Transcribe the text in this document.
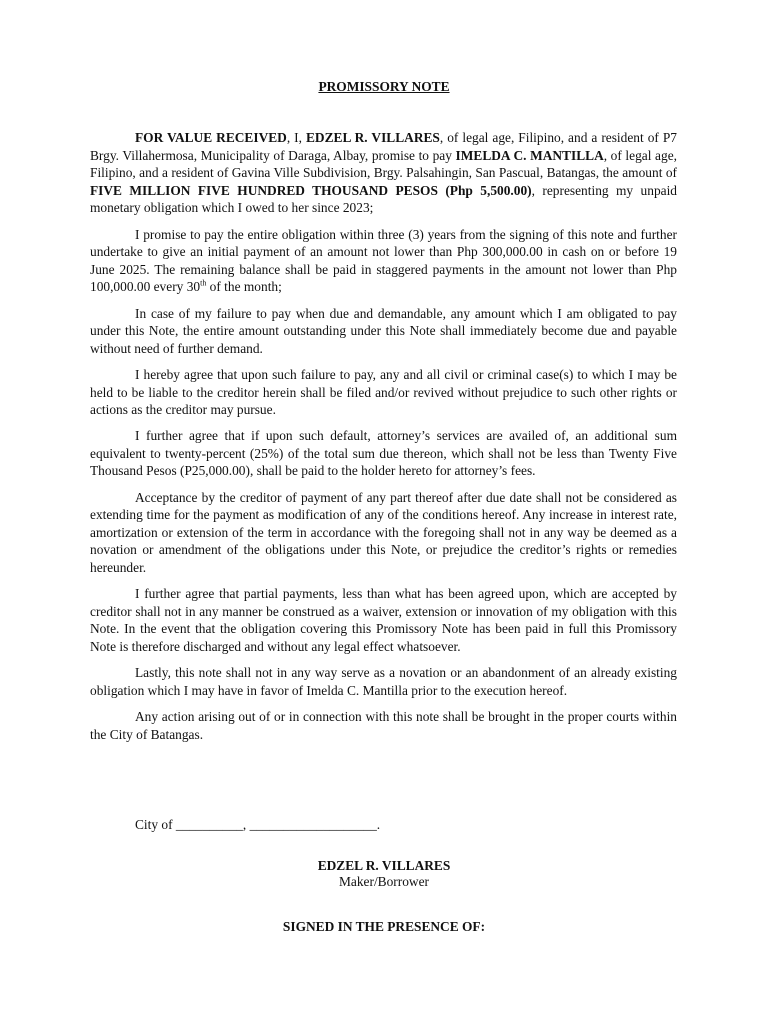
PROMISSORY NOTE

FOR VALUE RECEIVED, I, EDZEL R. VILLARES, of legal age, Filipino, and a resident of P7 Brgy. Villahermosa, Municipality of Daraga, Albay, promise to pay IMELDA C. MANTILLA, of legal age, Filipino, and a resident of Gavina Ville Subdivision, Brgy. Palsahingin, San Pascual, Batangas, the amount of FIVE MILLION FIVE HUNDRED THOUSAND PESOS (Php 5,500.00), representing my unpaid monetary obligation which I owed to her since 2023;

I promise to pay the entire obligation within three (3) years from the signing of this note and further undertake to give an initial payment of an amount not lower than Php 300,000.00 in cash on or before 19 June 2025. The remaining balance shall be paid in staggered payments in the amount not lower than Php 100,000.00 every 30th of the month;

In case of my failure to pay when due and demandable, any amount which I am obligated to pay under this Note, the entire amount outstanding under this Note shall immediately become due and payable without need of further demand.

I hereby agree that upon such failure to pay, any and all civil or criminal case(s) to which I may be held to be liable to the creditor herein shall be filed and/or revived without prejudice to such other rights or actions as the creditor may pursue.

I further agree that if upon such default, attorney’s services are availed of, an additional sum equivalent to twenty-percent (25%) of the total sum due thereon, which shall not be less than Twenty Five Thousand Pesos (P25,000.00), shall be paid to the holder hereto for attorney’s fees.

Acceptance by the creditor of payment of any part thereof after due date shall not be considered as extending time for the payment as modification of any of the conditions hereof. Any increase in interest rate, amortization or extension of the term in accordance with the foregoing shall not in any way be deemed as a novation or amendment of the obligations under this Note, or prejudice the creditor’s rights or remedies hereunder.

I further agree that partial payments, less than what has been agreed upon, which are accepted by creditor shall not in any manner be construed as a waiver, extension or innovation of my obligation with this Note. In the event that the obligation covering this Promissory Note has been paid in full this Promissory Note is therefore discharged and without any legal effect whatsoever.

Lastly, this note shall not in any way serve as a novation or an abandonment of an already existing obligation which I may have in favor of Imelda C. Mantilla prior to the execution hereof.

Any action arising out of or in connection with this note shall be brought in the proper courts within the City of Batangas.

City of __________, ___________________.
EDZEL R. VILLARES
Maker/Borrower
SIGNED IN THE PRESENCE OF:
